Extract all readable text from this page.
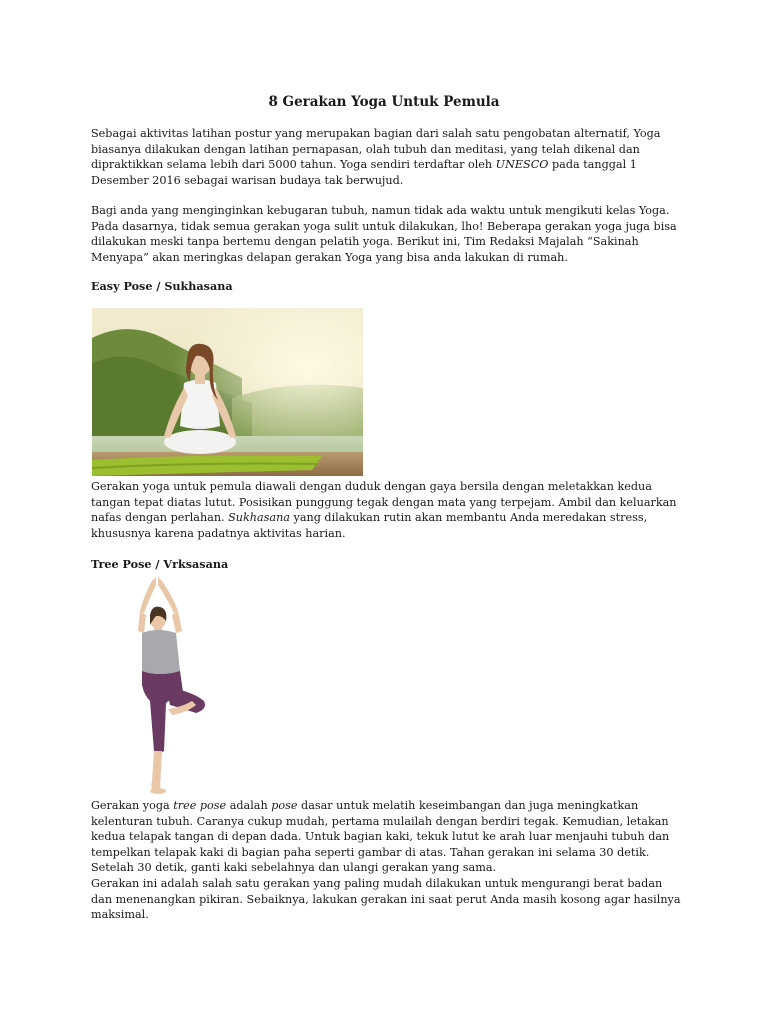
8 Gerakan Yoga Untuk Pemula

Sebagai aktivitas latihan postur yang merupakan bagian dari salah satu pengobatan alternatif, Yoga biasanya dilakukan dengan latihan pernapasan, olah tubuh dan meditasi, yang telah dikenal dan dipraktikkan selama lebih dari 5000 tahun. Yoga sendiri terdaftar oleh UNESCO pada tanggal 1 Desember 2016 sebagai warisan budaya tak berwujud.

Bagi anda yang menginginkan kebugaran tubuh, namun tidak ada waktu untuk mengikuti kelas Yoga. Pada dasarnya, tidak semua gerakan yoga sulit untuk dilakukan, lho! Beberapa gerakan yoga juga bisa dilakukan meski tanpa bertemu dengan pelatih yoga. Berikut ini, Tim Redaksi Majalah “Sakinah Menyapa” akan meringkas delapan gerakan Yoga yang bisa anda lakukan di rumah.

Easy Pose / Sukhasana

Gerakan yoga untuk pemula diawali dengan duduk dengan gaya bersila dengan meletakkan kedua tangan tepat diatas lutut. Posisikan punggung tegak dengan mata yang terpejam. Ambil dan keluarkan nafas dengan perlahan. Sukhasana yang dilakukan rutin akan membantu Anda meredakan stress, khususnya karena padatnya aktivitas harian.

Tree Pose / Vrksasana

Gerakan yoga tree pose adalah pose dasar untuk melatih keseimbangan dan juga meningkatkan kelenturan tubuh. Caranya cukup mudah, pertama mulailah dengan berdiri tegak. Kemudian, letakan kedua telapak tangan di depan dada. Untuk bagian kaki, tekuk lutut ke arah luar menjauhi tubuh dan tempelkan telapak kaki di bagian paha seperti gambar di atas. Tahan gerakan ini selama 30 detik. Setelah 30 detik, ganti kaki sebelahnya dan ulangi gerakan yang sama.

Gerakan ini adalah salah satu gerakan yang paling mudah dilakukan untuk mengurangi berat badan dan menenangkan pikiran. Sebaiknya, lakukan gerakan ini saat perut Anda masih kosong agar hasilnya maksimal.
